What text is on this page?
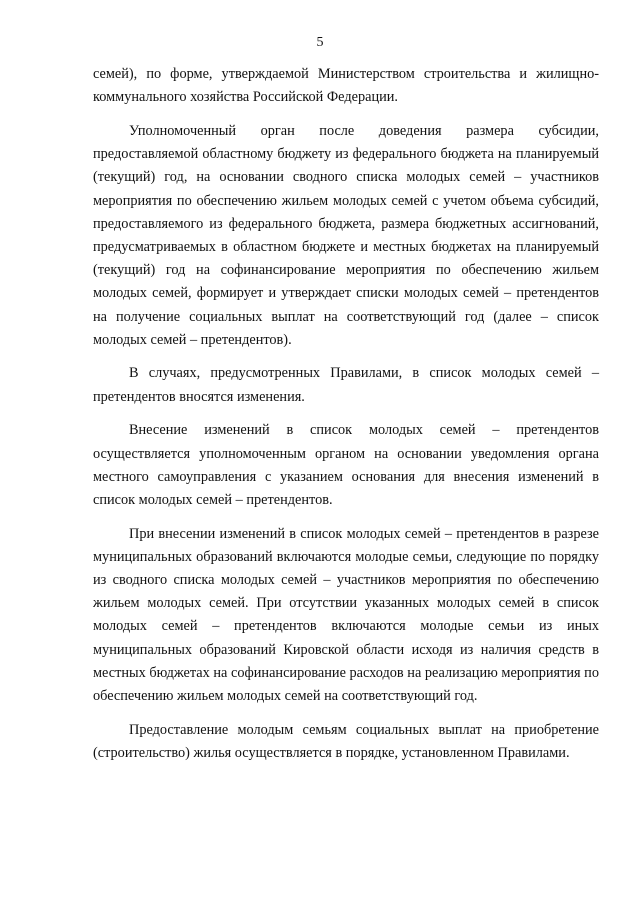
5

семей), по форме, утверждаемой Министерством строительства и жилищно-коммунального хозяйства Российской Федерации.

Уполномоченный орган после доведения размера субсидии, предоставляемой областному бюджету из федерального бюджета на планируемый (текущий) год, на основании сводного списка молодых семей – участников мероприятия по обеспечению жильем молодых семей с учетом объема субсидий, предоставляемого из федерального бюджета, размера бюджетных ассигнований, предусматриваемых в областном бюджете и местных бюджетах на планируемый (текущий) год на софинансирование мероприятия по обеспечению жильем молодых семей, формирует и утверждает списки молодых семей – претендентов на получение социальных выплат на соответствующий год (далее – список молодых семей – претендентов).

В случаях, предусмотренных Правилами, в список молодых семей – претендентов вносятся изменения.

Внесение изменений в список молодых семей – претендентов осуществляется уполномоченным органом на основании уведомления органа местного самоуправления с указанием основания для внесения изменений в список молодых семей – претендентов.

При внесении изменений в список молодых семей – претендентов в разрезе муниципальных образований включаются молодые семьи, следующие по порядку из сводного списка молодых семей – участников мероприятия по обеспечению жильем молодых семей. При отсутствии указанных молодых семей в список молодых семей – претендентов включаются молодые семьи из иных муниципальных образований Кировской области исходя из наличия средств в местных бюджетах на софинансирование расходов на реализацию мероприятия по обеспечению жильем молодых семей на соответствующий год.

Предоставление молодым семьям социальных выплат на приобретение (строительство) жилья осуществляется в порядке, установленном Правилами.
